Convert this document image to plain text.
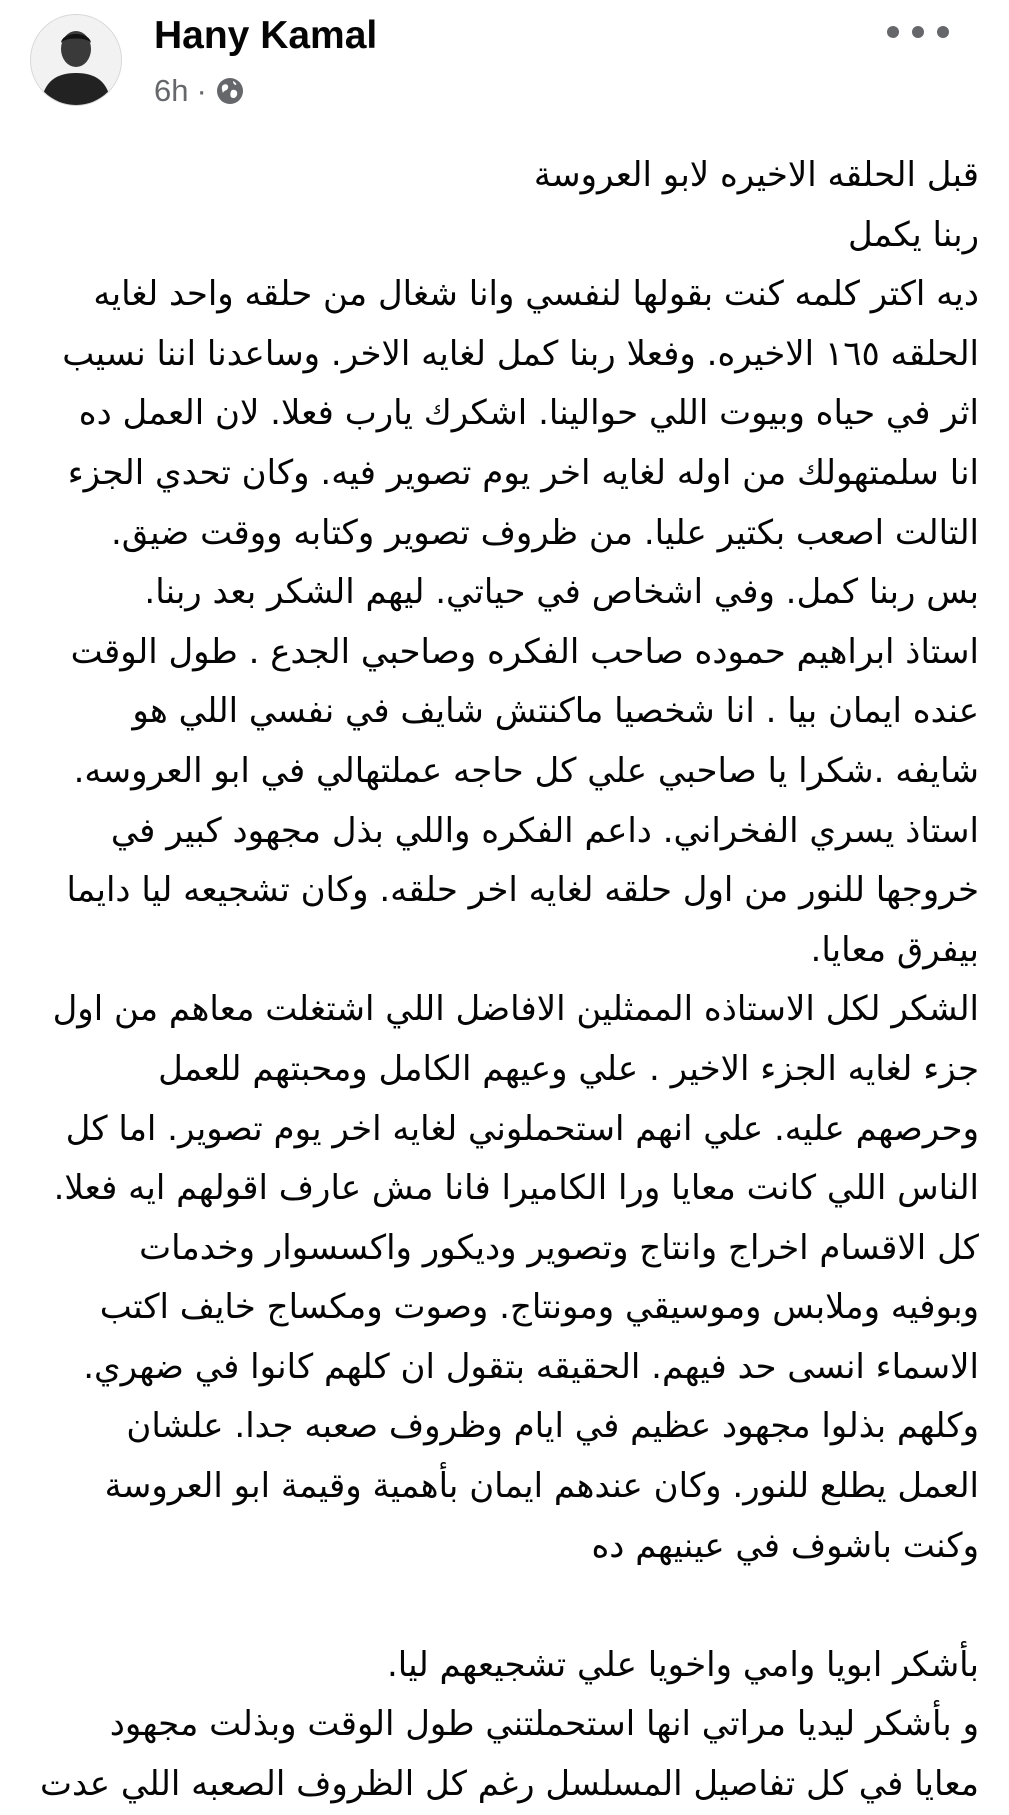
Hany Kamal
6h ·
قبل الحلقه الاخيره لابو العروسة
ربنا يكمل
ديه اكتر كلمه كنت بقولها لنفسي وانا شغال من حلقه واحد لغايه
الحلقه ١٦٥ الاخيره. وفعلا ربنا كمل لغايه الاخر. وساعدنا اننا نسيب
اثر في حياه وبيوت اللي حوالينا. اشكرك يارب فعلا. لان العمل ده
انا سلمتهولك من اوله لغايه اخر يوم تصوير فيه. وكان تحدي الجزء
التالت اصعب بكتير عليا. من ظروف تصوير وكتابه ووقت ضيق.
بس ربنا كمل. وفي اشخاص في حياتي. ليهم الشكر بعد ربنا.
استاذ ابراهيم حموده صاحب الفكره وصاحبي الجدع . طول الوقت
عنده ايمان بيا . انا شخصيا ماكنتش شايف في نفسي اللي هو
شايفه .شكرا يا صاحبي علي كل حاجه عملتهالي في ابو العروسه.
استاذ يسري الفخراني. داعم الفكره واللي بذل مجهود كبير في
خروجها للنور من اول حلقه لغايه اخر حلقه. وكان تشجيعه ليا دايما
بيفرق معايا.
الشكر لكل الاستاذه الممثلين الافاضل اللي اشتغلت معاهم من اول
جزء لغايه الجزء الاخير . علي وعيهم الكامل ومحبتهم للعمل
وحرصهم عليه. علي انهم استحملوني لغايه اخر يوم تصوير. اما كل
الناس اللي كانت معايا ورا الكاميرا فانا مش عارف اقولهم ايه فعلا.
كل الاقسام اخراج وانتاج وتصوير وديكور واكسسوار وخدمات
وبوفيه وملابس وموسيقي ومونتاج. وصوت ومكساج خايف اكتب
الاسماء انسى حد فيهم. الحقيقه بتقول ان كلهم كانوا في ضهري.
وكلهم بذلوا مجهود عظيم في ايام وظروف صعبه جدا. علشان
العمل يطلع للنور. وكان عندهم ايمان بأهمية وقيمة ابو العروسة
وكنت باشوف في عينيهم ده
بأشكر ابويا وامي واخويا علي تشجيعهم ليا.
و بأشكر ليديا مراتي انها استحملتني طول الوقت وبذلت مجهود
معايا في كل تفاصيل المسلسل رغم كل الظروف الصعبه اللي عدت
